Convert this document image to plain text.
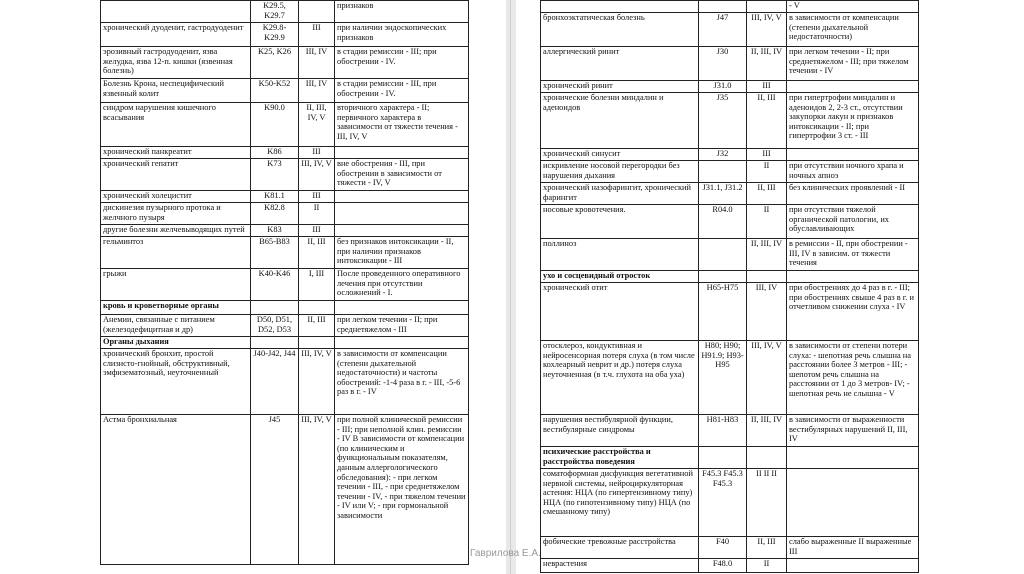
	K29.5, K29.7		признаков
хронический дуоденит, гастродуоденит	K29.8-K29.9	III	при наличии эндоскопических признаков
эрозивный гастродуоденит, язва желудка, язва 12-п. кишки (язвенная болезнь)	K25, K26	III, IV	в стадии ремиссии - III; при обострении - IV.
Болезнь Крона, неспецифический язвенный колит	K50-K52	III, IV	в стадии ремиссии - III, при обострении - IV.
синдром нарушения кишечного всасывания	K90.0	II, III, IV, V	вторичного характера - II; первичного характера в зависимости от тяжести течения - III, IV, V
хронический панкреатит	K86	III	
хронический гепатит	K73	III, IV, V	вне обострения - III, при обострении в зависимости от тяжести - IV, V
хронический холецистит	K81.1	III	
дискинезия пузырного протока и желчного пузыря	K82.8	II	
другие болезни желчевыводящих путей	K83	III	
гельминтоз	B65-B83	II, III	без признаков интоксикации - II, при наличии признаков интоксикации - III
грыжи	K40-K46	I, III	После проведенного оперативного лечения при отсутствии осложнений - I.
кровь и кроветворные органы			
Анемии, связанные с питанием (железодефицитная и др)	D50, D51, D52, D53	II, III	при легком течении - II; при среднетяжелом - III
Органы дыхания			
хронический бронхит, простой слизисто-гнойный, обструктивный, эмфизематозный, неуточненный	J40-J42, J44	III, IV, V	в зависимости от компенсации (степени дыхательной недостаточности) и частоты обострений: -1-4 раза в г. - III, -5-6 раз в г. - IV
Астма бронхиальная	J45	III, IV, V	при полной клинической ремиссии - III; при неполной клин. ремиссии - IV В зависимости от компенсации (по клиническим и функциональным показателям, данным аллергологического обследования): - при легком течении - III, - при среднетяжелом течении - IV, - при тяжелом течении - IV или V; - при гормональной зависимости
			- V
бронхоэктатическая болезнь	J47	III, IV, V	в зависимости от компенсации (степени дыхательной недостаточности)
аллергический ринит	J30	II, III, IV	при легком течении - II; при среднетяжелом - III; при тяжелом течении - IV
хронический ринит	J31.0	III	
хронические болезни миндалин и аденоидов	J35	II, III	при гипертрофии миндалин и аденоидов 2, 2-3 ст., отсутствии закупорки лакун и признаков интоксикации - II; при гипертрофии 3 ст. - III
хронический синусит	J32	III	
искривление носовой перегородки без нарушения дыхания		II	при отсутствии ночного храпа и ночных апноэ
хронический назофарингит, хронический фарингит	J31.1, J31.2	II, III	без клинических проявлений - II
носовые кровотечения.	R04.0	II	при отсутствии тяжелой органической патологии, их обуславливающих
поллиноз		II, III, IV	в ремиссии - II, при обострении - III, IV в зависим. от тяжести течения
ухо и сосцевидный отросток			
хронический отит	H65-H75	III, IV	при обострениях до 4 раз в г. - III; при обострениях свыше 4 раз в г. и отчетливом снижении слуха - IV
отосклероз, кондуктивная и нейросенсорная потеря слуха (в том числе кохлеарный неврит и др.) потеря слуха неуточненная (в т.ч. глухота на оба уха)	H80; H90; H91.9; H93-H95	III, IV, V	в зависимости от степени потери слуха: - шепотная речь слышна на расстоянии более 3 метров - III; - шепотом речь слышна на расстоянии от 1 до 3 метров- IV; - шепотная речь не слышна - V
нарушения вестибулярной функции, вестибулярные синдромы	H81-H83	II, III, IV	в зависимости от выраженности вестибулярных нарушений II, III, IV
психические расстройства и расстройства поведения			
соматоформная дисфункция вегетативной нервной системы, нейроциркуляторная астения: НЦА (по гипертензивному типу) НЦА (по гипотензивному типу) НЦА (по смешанному типу)	F45.3 F45.3 F45.3	II II II	
фобические тревожные расстройства	F40	II, III	слабо выраженные II выраженные III
неврастения	F48.0	II	
Гаврилова Е.А.
